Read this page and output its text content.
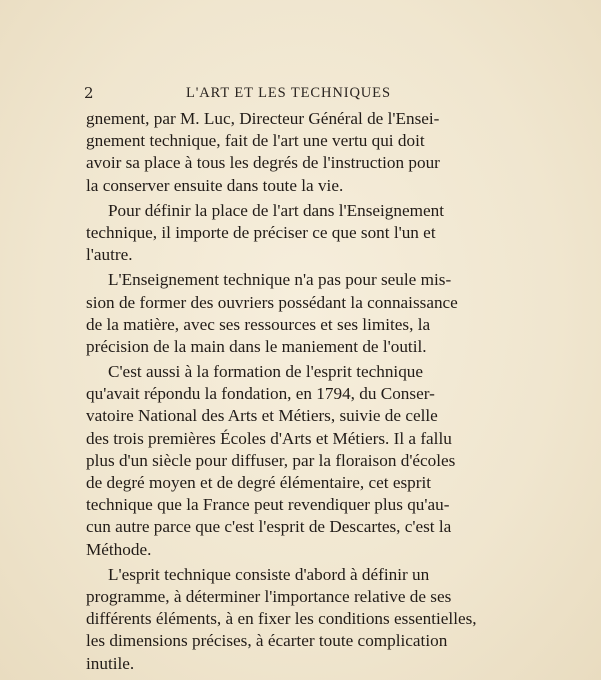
2	L'ART ET LES TECHNIQUES
gnement, par M. Luc, Directeur Général de l'Ensei-
gnement technique, fait de l'art une vertu qui doit
avoir sa place à tous les degrés de l'instruction pour
la conserver ensuite dans toute la vie.
Pour définir la place de l'art dans l'Enseignement
technique, il importe de préciser ce que sont l'un et
l'autre.
L'Enseignement technique n'a pas pour seule mis-
sion de former des ouvriers possédant la connaissance
de la matière, avec ses ressources et ses limites, la
précision de la main dans le maniement de l'outil.
C'est aussi à la formation de l'esprit technique
qu'avait répondu la fondation, en 1794, du Conser-
vatoire National des Arts et Métiers, suivie de celle
des trois premières Écoles d'Arts et Métiers. Il a fallu
plus d'un siècle pour diffuser, par la floraison d'écoles
de degré moyen et de degré élémentaire, cet esprit
technique que la France peut revendiquer plus qu'au-
cun autre parce que c'est l'esprit de Descartes, c'est la
Méthode.
L'esprit technique consiste d'abord à définir un
programme, à déterminer l'importance relative de ses
différents éléments, à en fixer les conditions essentielles,
les dimensions précises, à écarter toute complication
inutile.
